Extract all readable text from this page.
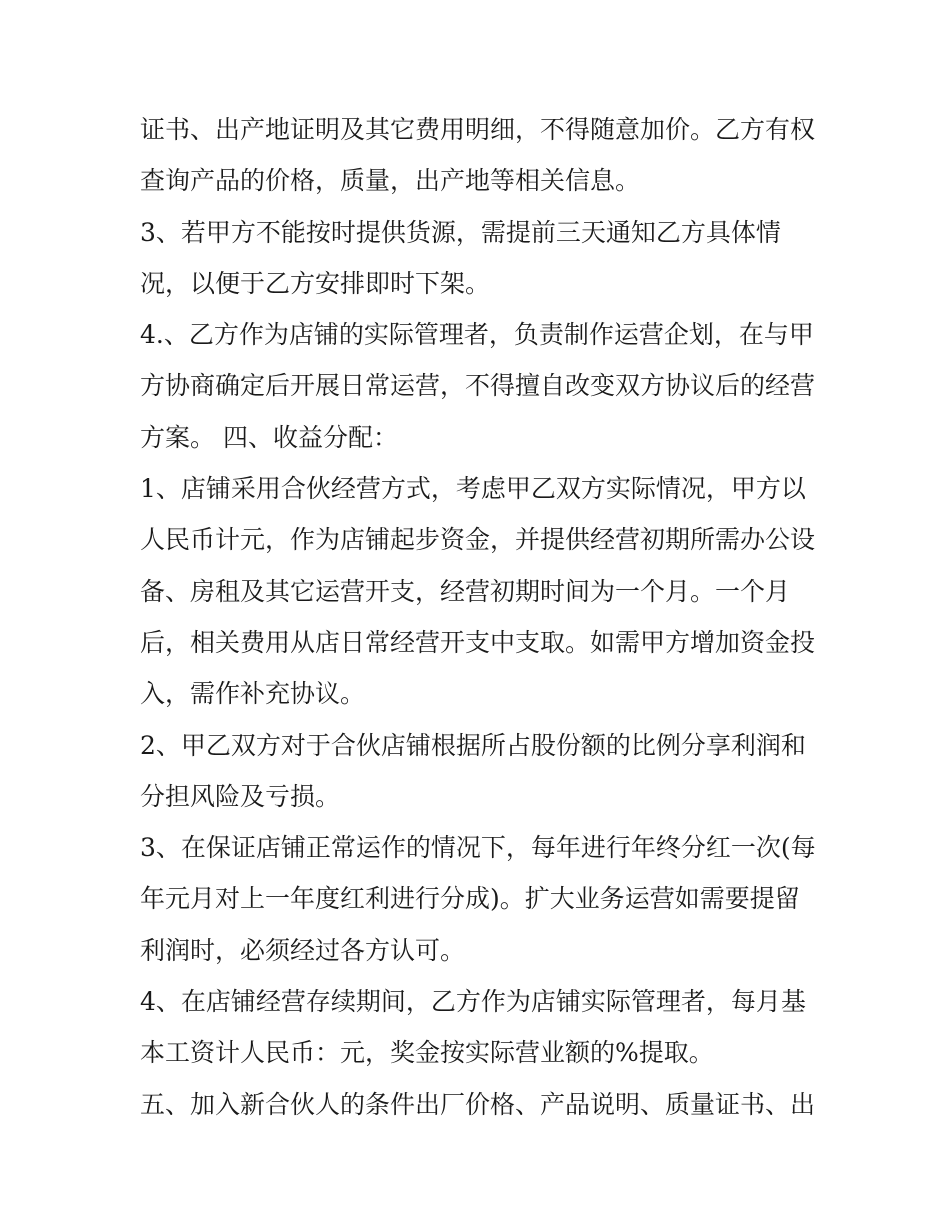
证书、出产地证明及其它费用明细，不得随意加价。乙方有权
查询产品的价格，质量，出产地等相关信息。
3、若甲方不能按时提供货源，需提前三天通知乙方具体情
况，以便于乙方安排即时下架。
4.、乙方作为店铺的实际管理者，负责制作运营企划，在与甲
方协商确定后开展日常运营，不得擅自改变双方协议后的经营
方案。 四、收益分配：
1、店铺采用合伙经营方式，考虑甲乙双方实际情况，甲方以
人民币计元，作为店铺起步资金，并提供经营初期所需办公设
备、房租及其它运营开支，经营初期时间为一个月。一个月
后，相关费用从店日常经营开支中支取。如需甲方增加资金投
入，需作补充协议。
2、甲乙双方对于合伙店铺根据所占股份额的比例分享利润和
分担风险及亏损。
3、在保证店铺正常运作的情况下，每年进行年终分红一次(每
年元月对上一年度红利进行分成)。扩大业务运营如需要提留
利润时，必须经过各方认可。
4、在店铺经营存续期间，乙方作为店铺实际管理者，每月基
本工资计人民币：元，奖金按实际营业额的%提取。
五、加入新合伙人的条件出厂价格、产品说明、质量证书、出
